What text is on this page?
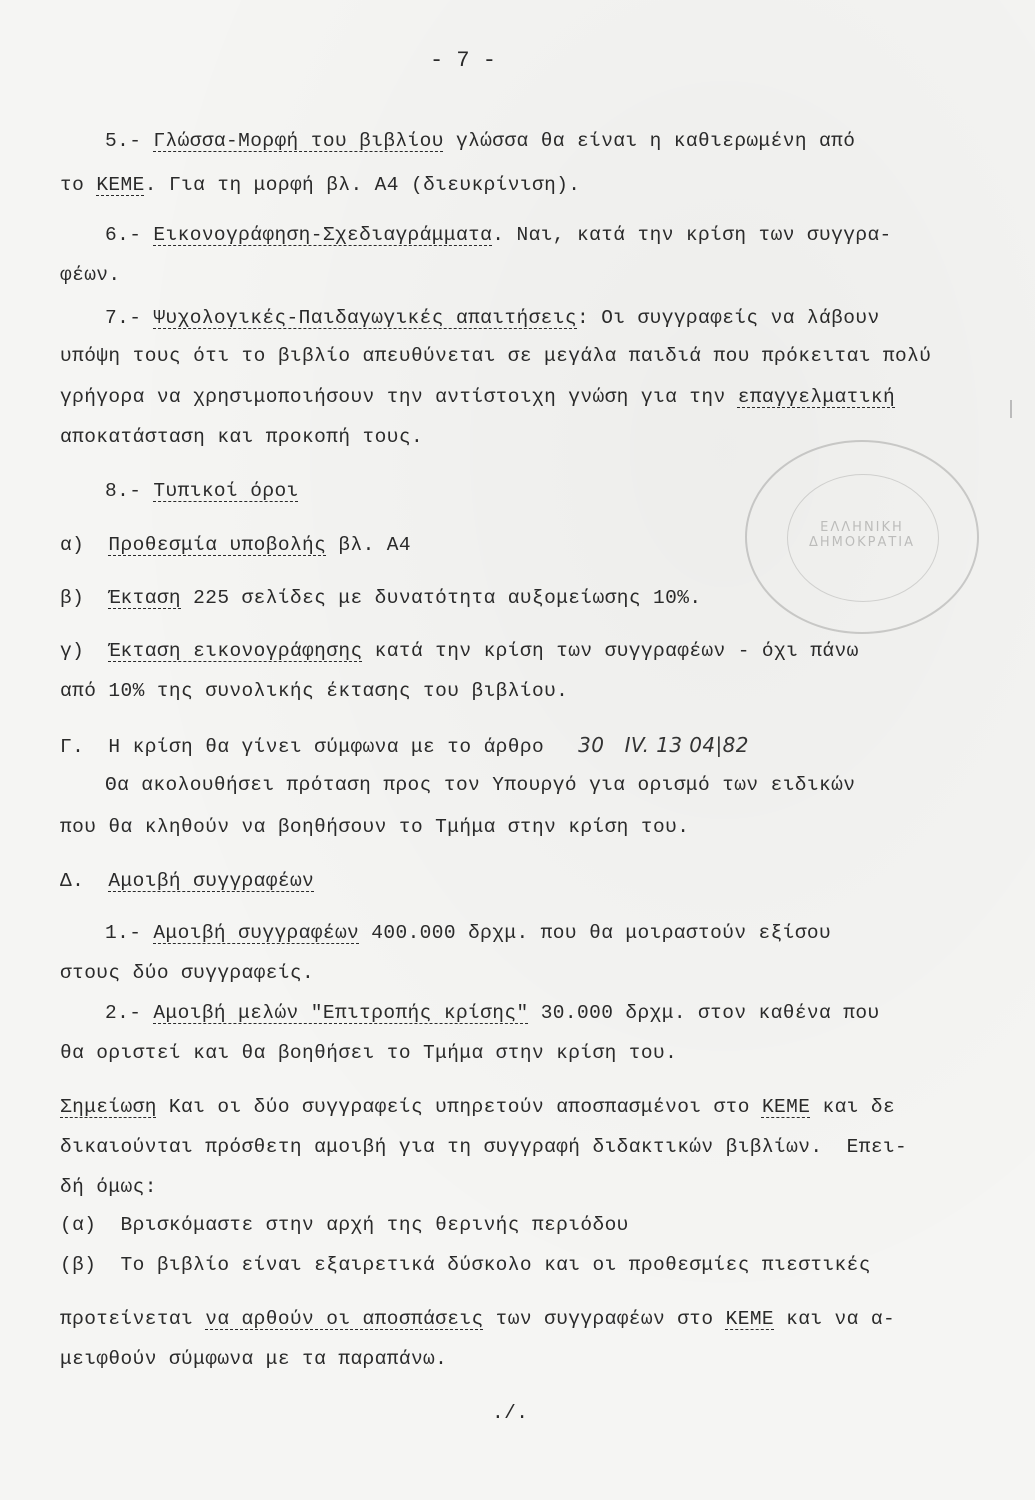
- 7 -
ΕΛΛΗΝΙΚΗ ΔΗΜΟΚΡΑΤΙΑ
5.- Γλώσσα-Μορφή του βιβλίου γλώσσα θα είναι η καθιερωμένη από
το ΚΕΜΕ. Για τη μορφή βλ. Α4 (διευκρίνιση).
6.- Εικονογράφηση-Σχεδιαγράμματα. Ναι, κατά την κρίση των συγγρα-
φέων.
7.- Ψυχολογικές-Παιδαγωγικές απαιτήσεις: Οι συγγραφείς να λάβουν
υπόψη τους ότι το βιβλίο απευθύνεται σε μεγάλα παιδιά που πρόκειται πολύ
γρήγορα να χρησιμοποιήσουν την αντίστοιχη γνώση για την επαγγελματική
αποκατάσταση και προκοπή τους.
8.- Τυπικοί όροι
α)  Προθεσμία υποβολής βλ. Α4
β)  Έκταση 225 σελίδες με δυνατότητα αυξομείωσης 10%.
γ)  Έκταση εικονογράφησης κατά την κρίση των συγγραφέων - όχι πάνω
από 10% της συνολικής έκτασης του βιβλίου.
Γ.  Η κρίση θα γίνει σύμφωνα με το άρθρο 30   IV. 13 04|82
Θα ακολουθήσει πρόταση προς τον Υπουργό για ορισμό των ειδικών
που θα κληθούν να βοηθήσουν το Τμήμα στην κρίση του.
Δ.  Αμοιβή συγγραφέων
1.- Αμοιβή συγγραφέων 400.000 δρχμ. που θα μοιραστούν εξίσου
στους δύο συγγραφείς.
2.- Αμοιβή μελών "Επιτροπής κρίσης" 30.000 δρχμ. στον καθένα που
θα οριστεί και θα βοηθήσει το Τμήμα στην κρίση του.
Σημείωση Και οι δύο συγγραφείς υπηρετούν αποσπασμένοι στο ΚΕΜΕ και δε
δικαιούνται πρόσθετη αμοιβή για τη συγγραφή διδακτικών βιβλίων.  Επει-
δή όμως:
(α)  Βρισκόμαστε στην αρχή της θερινής περιόδου
(β)  Το βιβλίο είναι εξαιρετικά δύσκολο και οι προθεσμίες πιεστικές
προτείνεται να αρθούν οι αποσπάσεις των συγγραφέων στο ΚΕΜΕ και να α-
μειφθούν σύμφωνα με τα παραπάνω.
./.
